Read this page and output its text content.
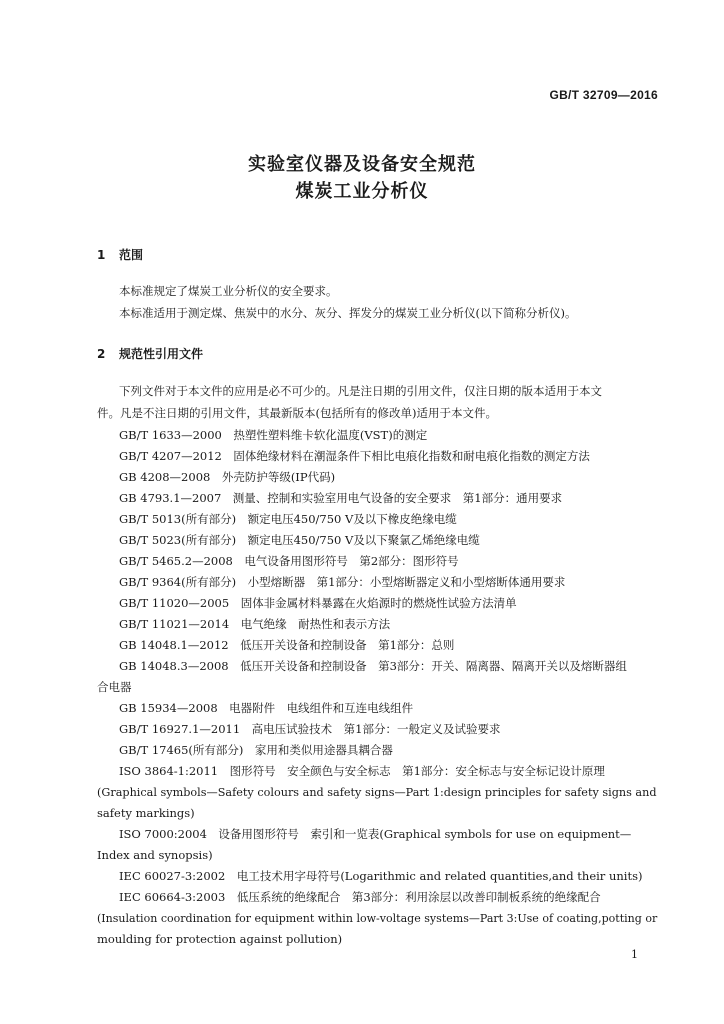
GB/T 32709—2016
实验室仪器及设备安全规范
煤炭工业分析仪
1 范围
本标准规定了煤炭工业分析仪的安全要求。
本标准适用于测定煤、焦炭中的水分、灰分、挥发分的煤炭工业分析仪(以下简称分析仪)。
2 规范性引用文件
下列文件对于本文件的应用是必不可少的。凡是注日期的引用文件，仅注日期的版本适用于本文
件。凡是不注日期的引用文件，其最新版本(包括所有的修改单)适用于本文件。
GB/T 1633—2000　热塑性塑料维卡软化温度(VST)的测定
GB/T 4207—2012　固体绝缘材料在潮湿条件下相比电痕化指数和耐电痕化指数的测定方法
GB 4208—2008　外壳防护等级(IP代码)
GB 4793.1—2007　测量、控制和实验室用电气设备的安全要求　第1部分：通用要求
GB/T 5013(所有部分)　额定电压450/750 V及以下橡皮绝缘电缆
GB/T 5023(所有部分)　额定电压450/750 V及以下聚氯乙烯绝缘电缆
GB/T 5465.2—2008　电气设备用图形符号　第2部分：图形符号
GB/T 9364(所有部分)　小型熔断器　第1部分：小型熔断器定义和小型熔断体通用要求
GB/T 11020—2005　固体非金属材料暴露在火焰源时的燃烧性试验方法清单
GB/T 11021—2014　电气绝缘　耐热性和表示方法
GB 14048.1—2012　低压开关设备和控制设备　第1部分：总则
GB 14048.3—2008　低压开关设备和控制设备　第3部分：开关、隔离器、隔离开关以及熔断器组
合电器
GB 15934—2008　电器附件　电线组件和互连电线组件
GB/T 16927.1—2011　高电压试验技术　第1部分：一般定义及试验要求
GB/T 17465(所有部分)　家用和类似用途器具耦合器
ISO 3864-1:2011　图形符号　安全颜色与安全标志　第1部分：安全标志与安全标记设计原理
(Graphical symbols—Safety colours and safety signs—Part 1:design principles for safety signs and
safety markings)
ISO 7000:2004　设备用图形符号　索引和一览表(Graphical symbols for use on equipment—
Index and synopsis)
IEC 60027-3:2002　电工技术用字母符号(Logarithmic and related quantities,and their units)
IEC 60664-3:2003　低压系统的绝缘配合　第3部分：利用涂层以改善印制板系统的绝缘配合
(Insulation coordination for equipment within low-voltage systems—Part 3:Use of coating,potting or
moulding for protection against pollution)
1
